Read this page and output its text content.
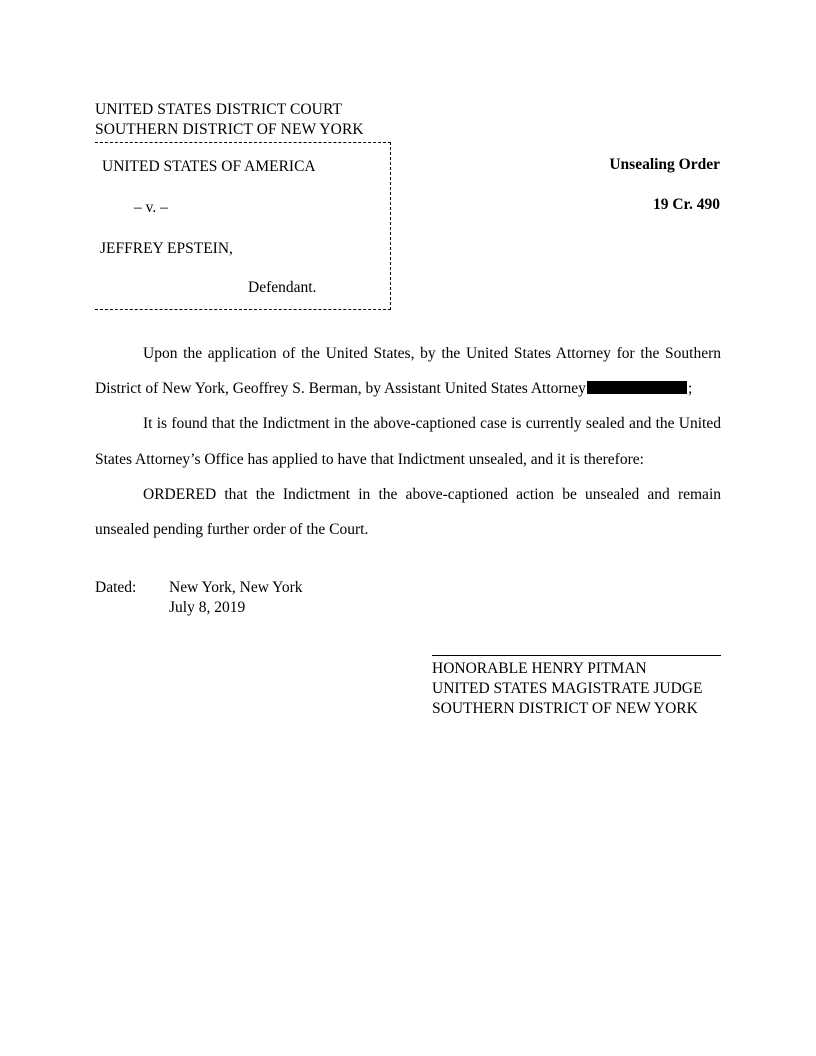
UNITED STATES DISTRICT COURT
SOUTHERN DISTRICT OF NEW YORK
UNITED STATES OF AMERICA
– v. –
JEFFREY EPSTEIN,
Defendant.
Unsealing Order
19 Cr. 490

Upon the application of the United States, by the United States Attorney for the Southern District of New York, Geoffrey S. Berman, by Assistant United States Attorney	;

It is found that the Indictment in the above-captioned case is currently sealed and the United States Attorney’s Office has applied to have that Indictment unsealed, and it is therefore:

ORDERED that the Indictment in the above-captioned action be unsealed and remain unsealed pending further order of the Court.

Dated:	New York, New York
July 8, 2019
HONORABLE HENRY PITMAN
UNITED STATES MAGISTRATE JUDGE
SOUTHERN DISTRICT OF NEW YORK
